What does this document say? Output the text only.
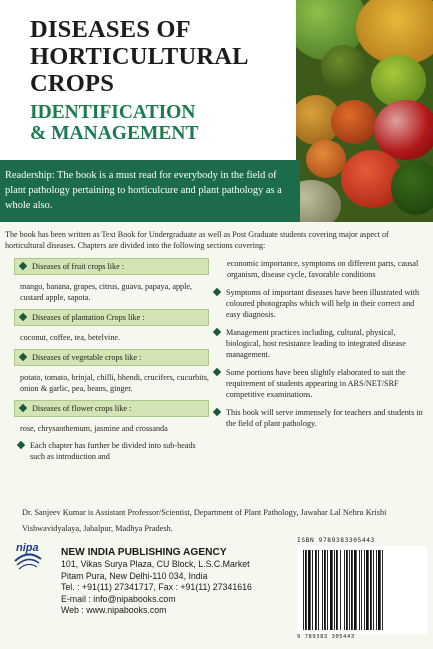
DISEASES OF

HORTICULTURAL

CROPS

IDENTIFICATION

& MANAGEMENT

Readership: The book is a must read for everybody in the field of plant pathology pertaining to horticulcure and plant pathology as a whole also.

The book has been written as Text Book for Undergraduate as well as Post Graduate students covering major aspect of horticultural diseases. Chapters are divided into the following sections covering:
Diseases of fruit crops like :
mango, banana, grapes, citrus, guava, papaya, apple, custard apple, sapota.
Diseases of plantation Crops like :
coconut, coffee, tea, betelvine.
Diseases of vegetable crops like :
potato, tomato, brinjal, chilli, bhendi, crucifers, cucurbits, onion & garlic, pea, beans, ginger.
Diseases of flower crops like :
rose, chrysanthemum, jasmine and crossanda
Each chapter has further be divided into sub-heads such as introduction and
economic importance, symptoms on different parts, causal organism, disease cycle, favorable conditions
Symptoms of important diseases have been illustrated with coloured photographs which will help in their correct and easy diagnosis.
Management practices including, cultural, physical, biological, host resistance leading to integrated disease management.
Some portions have been slightly elaborated to suit the requirement of students appearing in ARS/NET/SRF competitive examinations.
This book will serve immensely for teachers and students in the field of plant pathology.
Dr. Sanjeev Kumar is Assistant Professor/Scientist, Department of Plant Pathology, Jawahar Lal Nehru Krishi Vishwavidyalaya, Jabalpur, Madhya Pradesh.
nipa NEW INDIA PUBLISHING AGENCY
101, Vikas Surya Plaza, CU Block, L.S.C.Market
Pitam Pura, New Delhi-110 034, India
Tel. : +91(11) 27341717, Fax : +91(11) 27341616
E-mail : info@nipabooks.com
Web : www.nipabooks.com
ISBN 9789383305443
9 789383 305443
